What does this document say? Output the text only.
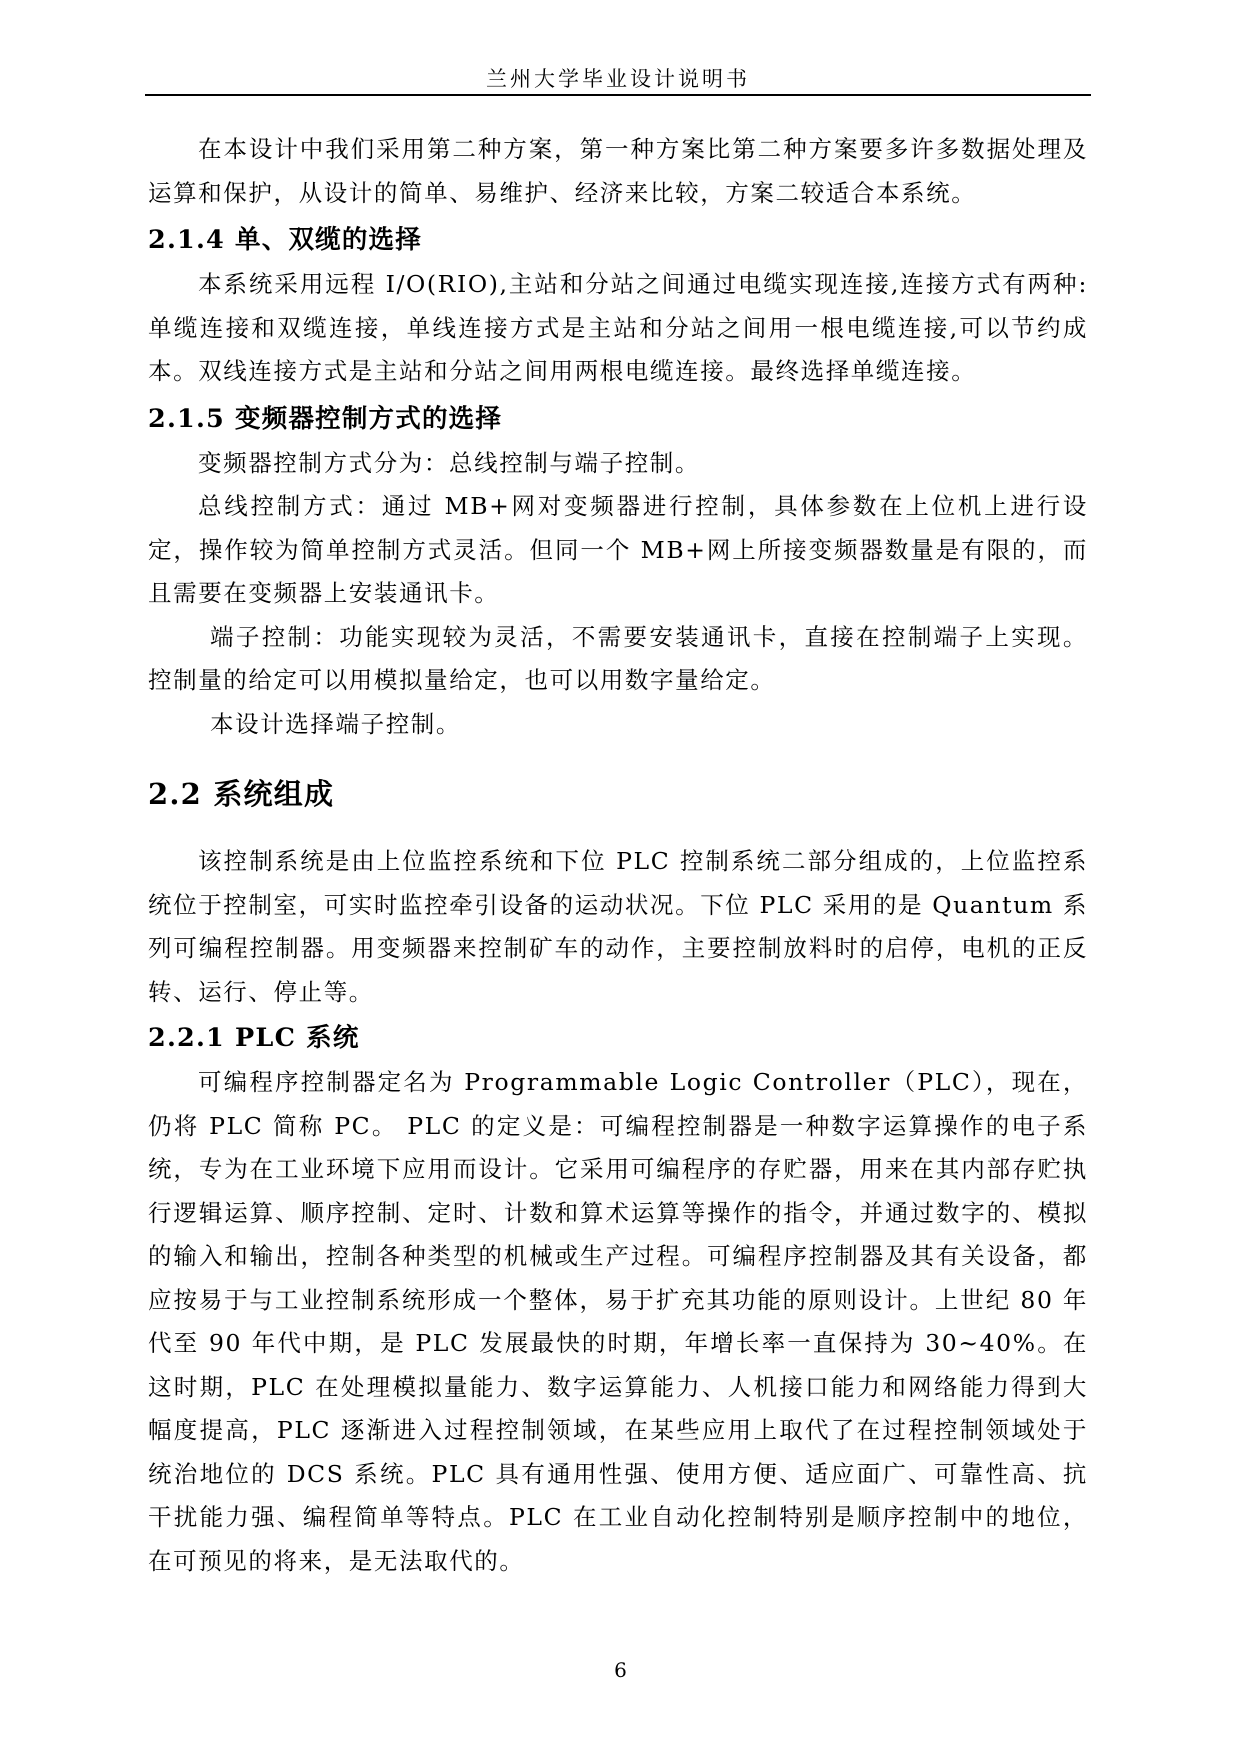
兰州大学毕业设计说明书

在本设计中我们采用第二种方案，第一种方案比第二种方案要多许多数据处理及运算和保护，从设计的简单、易维护、经济来比较，方案二较适合本系统。

2.1.4 单、双缆的选择

本系统采用远程 I/O(RIO),主站和分站之间通过电缆实现连接,连接方式有两种:单缆连接和双缆连接，单线连接方式是主站和分站之间用一根电缆连接,可以节约成本。双线连接方式是主站和分站之间用两根电缆连接。最终选择单缆连接。

2.1.5 变频器控制方式的选择

变频器控制方式分为：总线控制与端子控制。

总线控制方式：通过 MB+网对变频器进行控制，具体参数在上位机上进行设定，操作较为简单控制方式灵活。但同一个 MB+网上所接变频器数量是有限的，而且需要在变频器上安装通讯卡。

端子控制：功能实现较为灵活，不需要安装通讯卡，直接在控制端子上实现。控制量的给定可以用模拟量给定，也可以用数字量给定。

本设计选择端子控制。

2.2 系统组成

该控制系统是由上位监控系统和下位 PLC 控制系统二部分组成的，上位监控系统位于控制室，可实时监控牵引设备的运动状况。下位 PLC 采用的是 Quantum 系列可编程控制器。用变频器来控制矿车的动作，主要控制放料时的启停，电机的正反转、运行、停止等。

2.2.1 PLC 系统

可编程序控制器定名为 Programmable Logic Controller（PLC），现在，仍将 PLC 简称 PC。 PLC 的定义是：可编程控制器是一种数字运算操作的电子系统，专为在工业环境下应用而设计。它采用可编程序的存贮器，用来在其内部存贮执行逻辑运算、顺序控制、定时、计数和算术运算等操作的指令，并通过数字的、模拟的输入和输出，控制各种类型的机械或生产过程。可编程序控制器及其有关设备，都应按易于与工业控制系统形成一个整体，易于扩充其功能的原则设计。上世纪 80 年代至 90 年代中期，是 PLC 发展最快的时期，年增长率一直保持为 30~40%。在这时期，PLC 在处理模拟量能力、数字运算能力、人机接口能力和网络能力得到大幅度提高，PLC 逐渐进入过程控制领域，在某些应用上取代了在过程控制领域处于统治地位的 DCS 系统。PLC 具有通用性强、使用方便、适应面广、可靠性高、抗干扰能力强、编程简单等特点。PLC 在工业自动化控制特别是顺序控制中的地位，在可预见的将来，是无法取代的。

6
